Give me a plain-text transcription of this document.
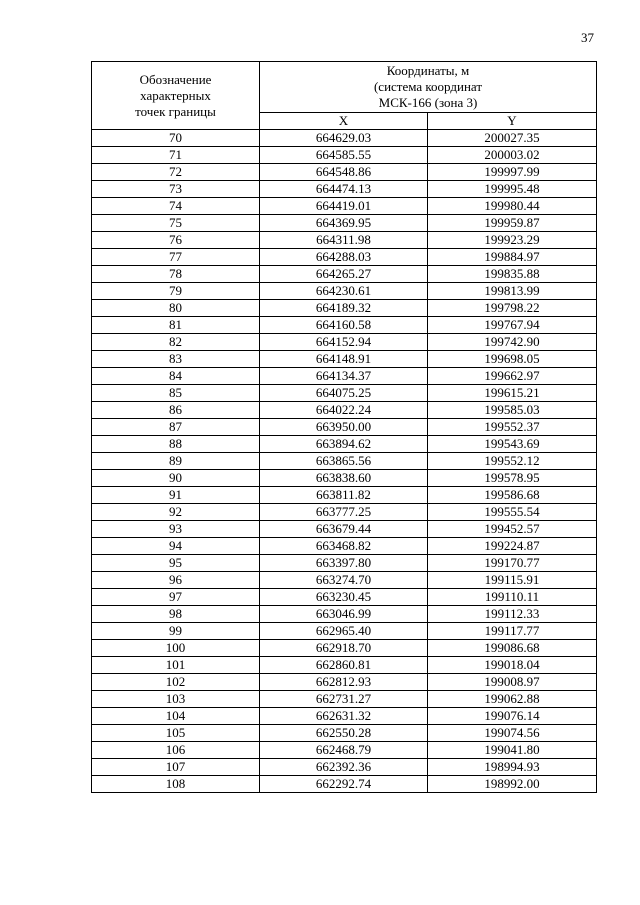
37
Обозначение
характерных
точек границы	Координаты, м
(система координат
МСК-166 (зона 3)	

	X	Y
70	664629.03	200027.35
71	664585.55	200003.02
72	664548.86	199997.99
73	664474.13	199995.48
74	664419.01	199980.44
75	664369.95	199959.87
76	664311.98	199923.29
77	664288.03	199884.97
78	664265.27	199835.88
79	664230.61	199813.99
80	664189.32	199798.22
81	664160.58	199767.94
82	664152.94	199742.90
83	664148.91	199698.05
84	664134.37	199662.97
85	664075.25	199615.21
86	664022.24	199585.03
87	663950.00	199552.37
88	663894.62	199543.69
89	663865.56	199552.12
90	663838.60	199578.95
91	663811.82	199586.68
92	663777.25	199555.54
93	663679.44	199452.57
94	663468.82	199224.87
95	663397.80	199170.77
96	663274.70	199115.91
97	663230.45	199110.11
98	663046.99	199112.33
99	662965.40	199117.77
100	662918.70	199086.68
101	662860.81	199018.04
102	662812.93	199008.97
103	662731.27	199062.88
104	662631.32	199076.14
105	662550.28	199074.56
106	662468.79	199041.80
107	662392.36	198994.93
108	662292.74	198992.00
